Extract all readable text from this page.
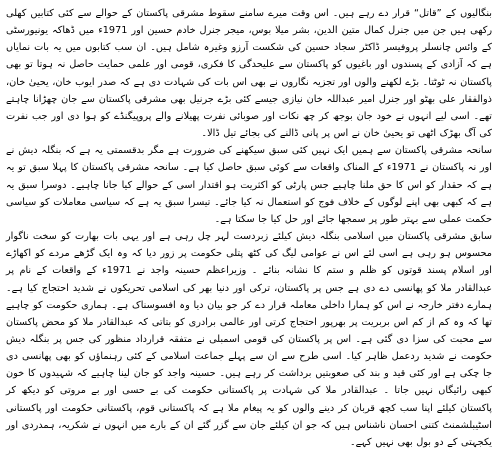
بنگالیوں کے ”قاتل“ قرار دے رہے ہیں۔ اس وقت میرے سامنے سقوط مشرقی پاکستان کے حوالے سے کئی کتابیں کھلی رکھی ہیں جن میں جنرل کمال متین الدین، بشر میلا بوس، میجر جنرل خادم حسین اور 1971ء میں ڈھاکہ یونیورسٹی کے وائس چانسلر پروفیسر ڈاکٹر سجاد حسین کی شکست آرزو وغیرہ شامل ہیں۔ ان سب کتابوں میں یہ بات نمایاں ہے کہ آزادی کے پسندوں اور باغیوں کو پاکستان سے علیحدگی کا فکری، قومی اور علمی حمایت حاصل نہ ہوتا تو بھی پاکستان نہ ٹوٹتا۔ بڑے لکھنے والوں اور تجزیہ نگاروں نے بھی اس بات کی شہادت دی ہے کہ صدر ایوب خان، یحییٰ خان، ذوالفقار علی بھٹو اور جنرل امیر عبداللہ خان نیازی جیسے کئی بڑے جرنیل بھی مشرقی پاکستان سے جان چھڑانا چاہتے تھے۔ اسی لیے انہوں نے خود جان بوجھ کر چھ نکات اور صوبائی نفرت پھیلانے والے پروپیگنڈے کو ہوا دی اور جب نفرت کی آگ بھڑک اٹھی تو یحییٰ خان نے اس پر پانی ڈالنے کی بجائے تیل ڈالا۔

سانحہ مشرقی پاکستان سے ہمیں ایک نہیں کئی سبق سیکھنے کی ضرورت ہے مگر بدقسمتی یہ ہے کہ بنگلہ دیش نے اور نہ پاکستان نے 1971ء کے المناک واقعات سے کوئی سبق حاصل کیا ہے۔ سانحہ مشرقی پاکستان کا پہلا سبق تو یہ ہے کہ حقدار کو اس کا حق ملنا چاہیے جس پارٹی کو اکثریت ہو اقتدار اسی کے حوالے کیا جانا چاہیے۔ دوسرا سبق یہ ہے کہ کبھی بھی اپنے لوگوں کے خلاف فوج کو استعمال نہ کیا جائے۔ تیسرا سبق یہ ہے کہ سیاسی معاملات کو سیاسی حکمت عملی سے بہتر طور پر سمجھا جائے اور حل کیا جا سکتا ہے۔

سابق مشرقی پاکستان میں اسلامی بنگلہ دیش کیلئے زبردست لہر چل رہی ہے اور یہی بات بھارت کو سخت ناگوار محسوس ہو رہی ہے اسی لئے اس نے عوامی لیگ کی کٹھ پتلی حکومت پر زور دیا کہ وہ ایک گڑھے مردے کو اکھاڑے اور اسلام پسند قوتوں کو ظلم و ستم کا نشانہ بنائے ۔ وزیراعظم حسینہ واجد نے 1971ء کے واقعات کے نام پر عبدالقادر ملا کو پھانسی دے دی ہے جس پر پاکستان، ترکی اور دنیا بھر کی اسلامی تحریکوں نے شدید احتجاج کیا ہے۔ ہمارے دفتر خارجہ نے اس کو ہمارا داخلی معاملہ قرار دے کر جو بیان دیا وہ افسوسناک ہے۔ ہماری حکومت کو چاہیے تھا کہ وہ کم از کم اس بربریت پر بھرپور احتجاج کرتی اور عالمی برادری کو بتاتی کہ عبدالقادر ملا کو محض پاکستان سے محبت کی سزا دی گئی ہے۔ اس پر پاکستان کی قومی اسمبلی نے متفقہ قرارداد منظور کی جس پر بنگلہ دیش حکومت نے شدید ردعمل ظاہر کیا۔ اسی طرح سے ان سے پہلے جماعت اسلامی کے کئی رہنماؤں کو بھی پھانسی دی جا چکی ہے اور کئی قید و بند کی صعوبتیں برداشت کر رہے ہیں۔ حسینہ واجد کو جان لینا چاہیے کہ شہیدوں کا خون کبھی رائیگاں نہیں جاتا ۔ عبدالقادر ملا کی شہادت پر پاکستانی حکومت کی بے حسی اور بے مروتی کو دیکھ کر پاکستان کیلئے اپنا سب کچھ قربان کر دینے والوں کو یہ پیغام ملا ہے کہ پاکستانی قوم، پاکستانی حکومت اور پاکستانی اسٹیبلشمنٹ کتنی احسان ناشناس ہیں کہ جو ان کیلئے جان سے گزر گئے ان کے بارے میں انہوں نے شکریہ، ہمدردی اور یکجہتی کے دو بول بھی نہیں کہے۔
